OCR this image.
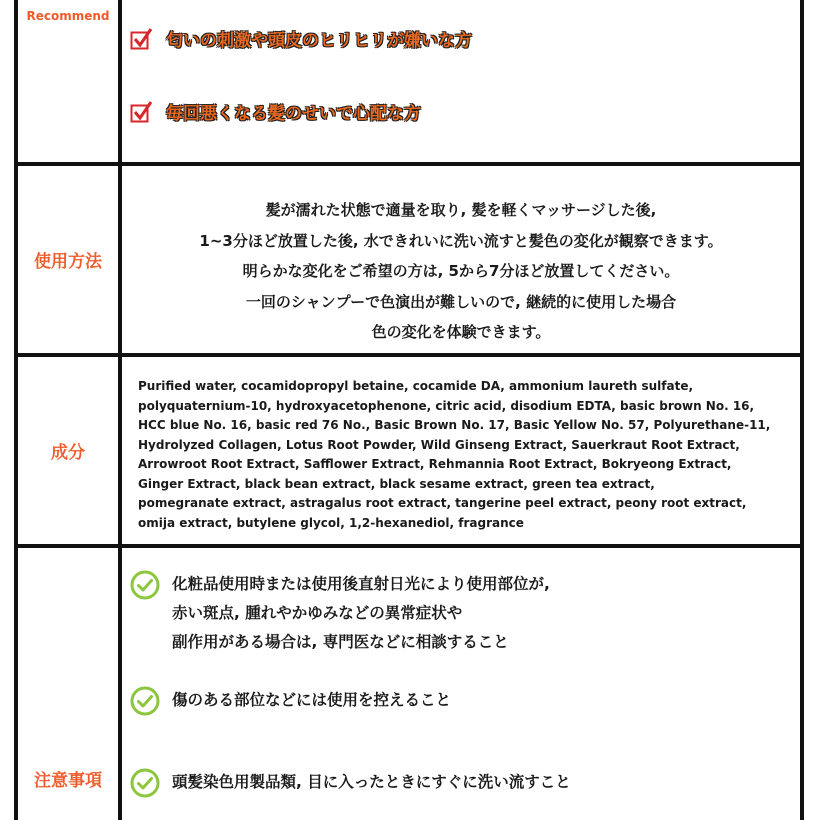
Recommend
匂いの刺激や頭皮のヒリヒリが嫌いな方
毎回悪くなる髪のせいで心配な方
使用方法
髪が濡れた状態で適量を取り, 髪を軽くマッサージした後,
1~3分ほど放置した後, 水できれいに洗い流すと髪色の変化が観察できます。
明らかな変化をご希望の方は, 5から7分ほど放置してください。
一回のシャンプーで色演出が難しいので, 継続的に使用した場合
色の変化を体験できます。
成分
Purified water, cocamidopropyl betaine, cocamide DA, ammonium laureth sulfate,
polyquaternium-10, hydroxyacetophenone, citric acid, disodium EDTA, basic brown No. 16,
HCC blue No. 16, basic red 76 No., Basic Brown No. 17, Basic Yellow No. 57, Polyurethane-11,
Hydrolyzed Collagen, Lotus Root Powder, Wild Ginseng Extract, Sauerkraut Root Extract,
Arrowroot Root Extract, Safflower Extract, Rehmannia Root Extract, Bokryeong Extract,
Ginger Extract, black bean extract, black sesame extract, green tea extract,
pomegranate extract, astragalus root extract, tangerine peel extract, peony root extract,
omija extract, butylene glycol, 1,2-hexanediol, fragrance
注意事項
化粧品使用時または使用後直射日光により使用部位が,
赤い斑点, 腫れやかゆみなどの異常症状や
副作用がある場合は, 専門医などに相談すること
傷のある部位などには使用を控えること
頭髪染色用製品類, 目に入ったときにすぐに洗い流すこと
